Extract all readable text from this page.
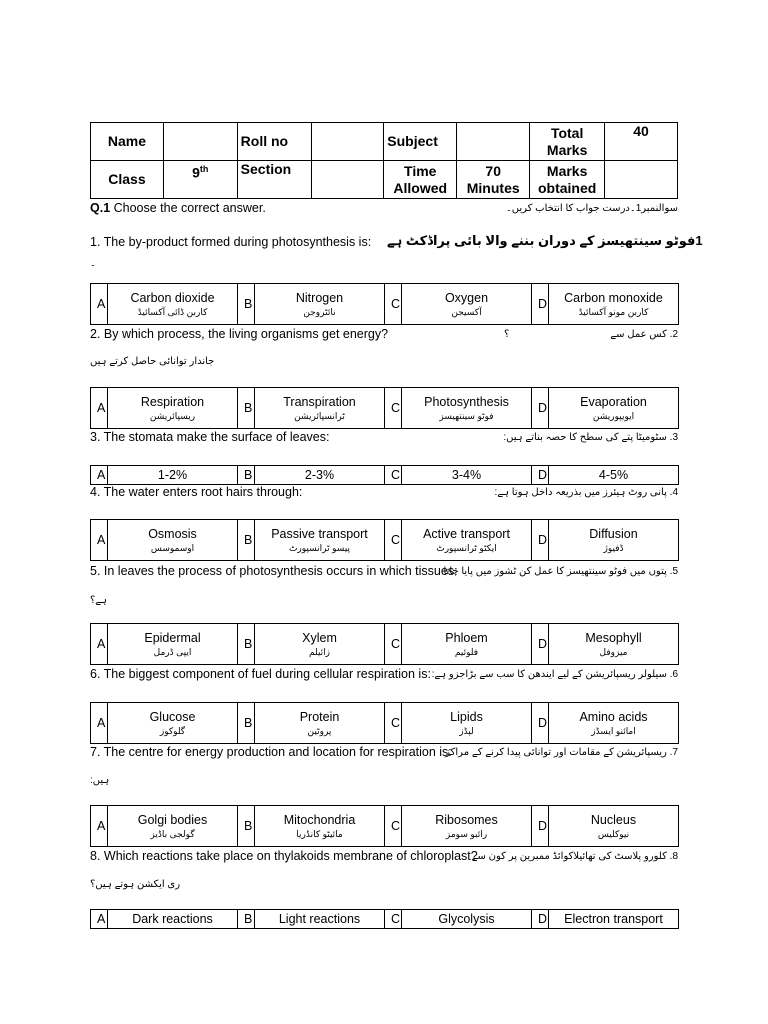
Name		Roll no		Subject		Total Marks	40
Class	9th	Section		Time Allowed	70 Minutes	Marks obtained	
Q.1 Choose the correct answer.	سوالنمبر1۔درست جواب کا انتخاب کریں۔
1. The by-product formed during photosynthesis is: 1فوٹو سینتھیسز کے دوران بننے والا بائی پراڈکٹ ہے
۔
A	Carbon dioxide
کاربن ڈائی آکسائیڈ
	B	Nitrogen
نائٹروجن
	C	Oxygen
آکسیجن
	D	Carbon monoxide
کاربن مونو آکسائیڈ
2. By which process, the living organisms get energy?	؟	2. کس عمل سے
جاندار توانائی حاصل کرتے ہیں
A	Respiration
ریسپائریشن
	B	Transpiration
ٹرانسپائریشن
	C	Photosynthesis
فوٹو سینتھیسز
	D	Evaporation
ایویپوریشن
3. The stomata make the surface of leaves:	3. سٹومیٹا پتے کی سطح کا حصہ بناتے ہیں:
A	1-2%	B	2-3%	C	3-4%	D	4-5%
4. The water enters root hairs through:	4. پانی روٹ ہیئرز میں بذریعہ داخل ہوتا ہے:
A	Osmosis
اوسموسس
	B	Passive transport
پیسو ٹرانسپورٹ
	C	Active transport
ایکٹو ٹرانسپورٹ
	D	Diffusion
ڈفیوژ
5. In leaves the process of photosynthesis occurs in which tissues:
5. پتوں میں فوٹو سینتھیسز کا عمل کن ٹشوز میں پایا جاتا
ہے؟
A	Epidermal
ایپی ڈرمل
	B	Xylem
زائیلم
	C	Phloem
فلوئیم
	D	Mesophyll
میزوفل
6. The biggest component of fuel during cellular respiration is: 6. سیلولر ریسپائریشن کے لیے ایندھن کا سب سے بڑاجزو ہے:
A	Glucose
گلوکوز
	B	Protein
پروٹین
	C	Lipids
لپڈز
	D	Amino acids
امائنو ایسڈز
7. The centre for energy production and location for respiration is:
7. ریسپائریشن کے مقامات اور توانائی پیدا کرنے کے مراکز
ہیں:
A	Golgi bodies
گولجی باڈیز
	B	Mitochondria
مائیٹو کانڈریا
	C	Ribosomes
رائبو سومز
	D	Nucleus
نیوکلیس
8. Which reactions take place on thylakoids membrane of chloroplast?
8. کلورو پلاسٹ کی تھائیلاکوائڈ ممبرین پر کون سے
ری ایکشن ہوتے ہیں؟
A	Dark reactions	B	Light reactions	C	Glycolysis	D	Electron transport
